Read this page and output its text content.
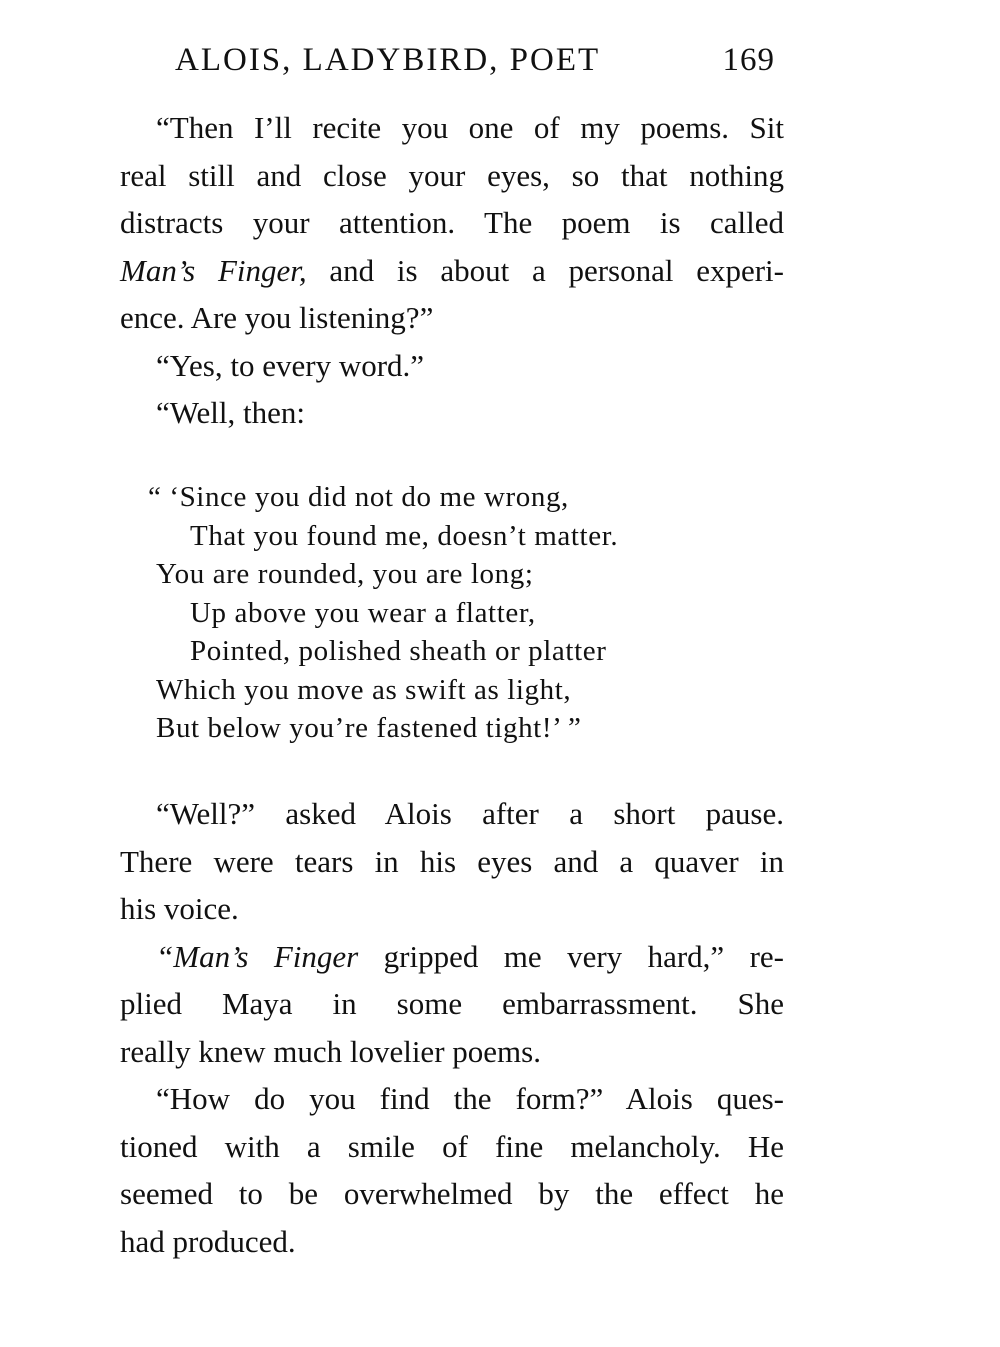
ALOIS, LADYBIRD, POET	169
“Then I’ll recite you one of my poems. Sit
real still and close your eyes, so that nothing
distracts your attention. The poem is called
Man’s Finger, and is about a personal experi-
ence. Are you listening?”
“Yes, to every word.”
“Well, then:
“ ‘Since you did not do me wrong,
That you found me, doesn’t matter.
You are rounded, you are long;
Up above you wear a flatter,
Pointed, polished sheath or platter
Which you move as swift as light,
But below you’re fastened tight!’ ”
“Well?” asked Alois after a short pause.
There were tears in his eyes and a quaver in
his voice.
“Man’s Finger gripped me very hard,” re-
plied Maya in some embarrassment. She
really knew much lovelier poems.
“How do you find the form?” Alois ques-
tioned with a smile of fine melancholy. He
seemed to be overwhelmed by the effect he
had produced.
